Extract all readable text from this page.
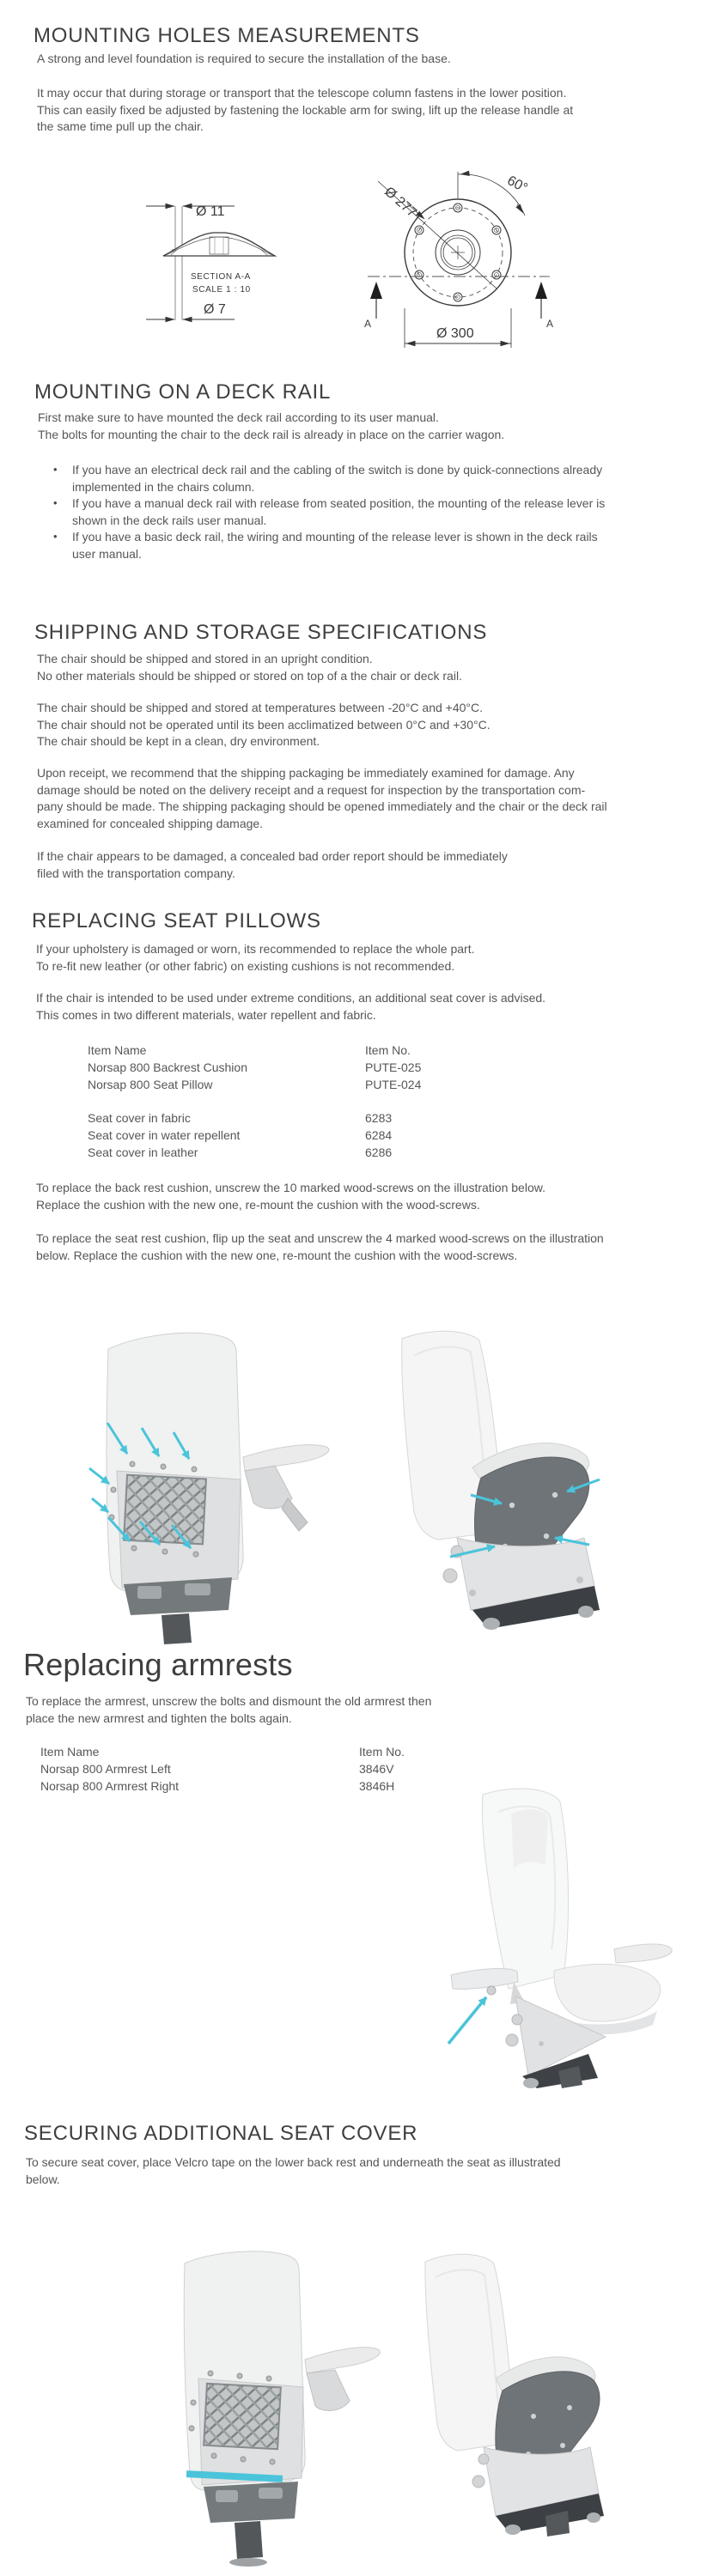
MOUNTING HOLES MEASUREMENTS
A strong and level foundation is required to secure the installation of the base.
It may occur that during storage or transport that the telescope column fastens in the lower position.
This can easily fixed be adjusted by fastening the lockable arm for swing, lift up the release handle at
the same time pull up the chair.
Ø 11
SECTION A-A
SCALE 1 : 10
Ø 7
Ø 277	60°
A	A
Ø 300
MOUNTING ON A DECK RAIL
First make sure to have mounted the deck rail according to its user manual.
The bolts for mounting the chair to the deck rail is already in place on the carrier wagon.
• If you have an electrical deck rail and the cabling of the switch is done by quick-connections already
implemented in the chairs column.
• If you have a manual deck rail with release from seated position, the mounting of the release lever is
shown in the deck rails user manual.
• If you have a basic deck rail, the wiring and mounting of the release lever is shown in the deck rails
user manual.
SHIPPING AND STORAGE SPECIFICATIONS
The chair should be shipped and stored in an upright condition.
No other materials should be shipped or stored on top of a the chair or deck rail.
The chair should be shipped and stored at temperatures between -20°C and +40°C.
The chair should not be operated until its been acclimatized between 0°C and +30°C.
The chair should be kept in a clean, dry environment.
Upon receipt, we recommend that the shipping packaging be immediately examined for damage. Any
damage should be noted on the delivery receipt and a request for inspection by the transportation com-
pany should be made. The shipping packaging should be opened immediately and the chair or the deck rail
examined for concealed shipping damage.
If the chair appears to be damaged, a concealed bad order report should be immediately
filed with the transportation company.
REPLACING SEAT PILLOWS
If your upholstery is damaged or worn, its recommended to replace the whole part.
To re-fit new leather (or other fabric) on existing cushions is not recommended.
If the chair is intended to be used under extreme conditions, an additional seat cover is advised.
This comes in two different materials, water repellent and fabric.
Item Name	Item No.
Norsap 800 Backrest Cushion	PUTE-025
Norsap 800 Seat Pillow	PUTE-024
Seat cover in fabric	6283
Seat cover in water repellent	6284
Seat cover in leather	6286
To replace the back rest cushion, unscrew the 10 marked wood-screws on the illustration below.
Replace the cushion with the new one, re-mount the cushion with the wood-screws.
To replace the seat rest cushion, flip up the seat and unscrew the 4 marked wood-screws on the illustration
below. Replace the cushion with the new one, re-mount the cushion with the wood-screws.
Replacing armrests
To replace the armrest, unscrew the bolts and dismount the old armrest then
place the new armrest and tighten the bolts again.
Item Name	Item No.
Norsap 800 Armrest Left	3846V
Norsap 800 Armrest Right	3846H
SECURING ADDITIONAL SEAT COVER
To secure seat cover, place Velcro tape on the lower back rest and underneath the seat as illustrated
below.
